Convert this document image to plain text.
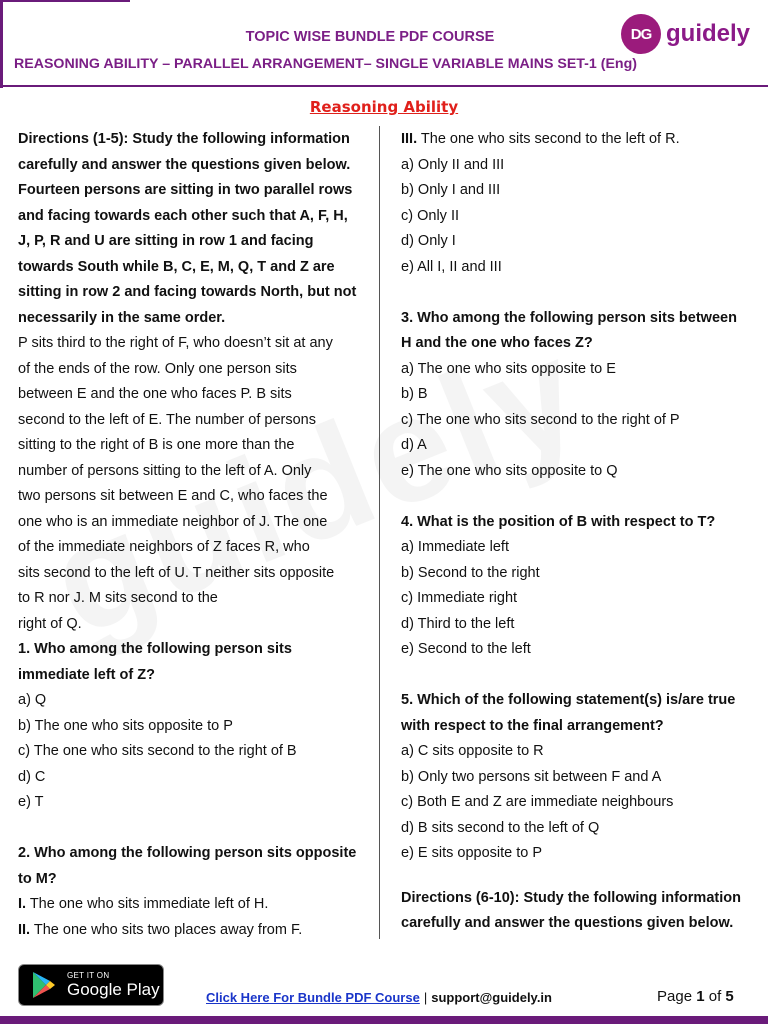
TOPIC WISE BUNDLE PDF COURSE
REASONING ABILITY – PARALLEL ARRANGEMENT– SINGLE VARIABLE MAINS SET-1 (Eng)
DG guidely
Reasoning Ability

Directions (1-5): Study the following information

carefully and answer the questions given below.

Fourteen persons are sitting in two parallel rows

and facing towards each other such that A, F, H,

J, P, R and U are sitting in row 1 and facing

towards South while B, C, E, M, Q, T and Z are

sitting in row 2 and facing towards North, but not

necessarily in the same order.

P sits third to the right of F, who doesn’t sit at any

of the ends of the row. Only one person sits

between E and the one who faces P. B sits

second to the left of E. The number of persons

sitting to the right of B is one more than the

number of persons sitting to the left of A. Only

two persons sit between E and C, who faces the

one who is an immediate neighbor of J. The one

of the immediate neighbors of Z faces R, who

sits second to the left of U. T neither sits opposite

to R nor J. M sits second to the

right of Q.

1. Who among the following person sits

immediate left of Z?

a) Q

b) The one who sits opposite to P

c) The one who sits second to the right of B

d) C

e) T

2. Who among the following person sits opposite

to M?

I. The one who sits immediate left of H.

II. The one who sits two places away from F.

III. The one who sits second to the left of R.

a) Only II and III

b) Only I and III

c) Only II

d) Only I

e) All I, II and III

3. Who among the following person sits between

H and the one who faces Z?

a) The one who sits opposite to E

b) B

c) The one who sits second to the right of P

d) A

e) The one who sits opposite to Q

4. What is the position of B with respect to T?

a) Immediate left

b) Second to the right

c) Immediate right

d) Third to the left

e) Second to the left

5. Which of the following statement(s) is/are true

with respect to the final arrangement?

a) C sits opposite to R

b) Only two persons sit between F and A

c) Both E and Z are immediate neighbours

d) B sits second to the left of Q

e) E sits opposite to P

Directions (6-10): Study the following information

carefully and answer the questions given below.

GET IT ON
Google Play	Click Here For Bundle PDF Course | support@guidely.in	Page 1 of 5
